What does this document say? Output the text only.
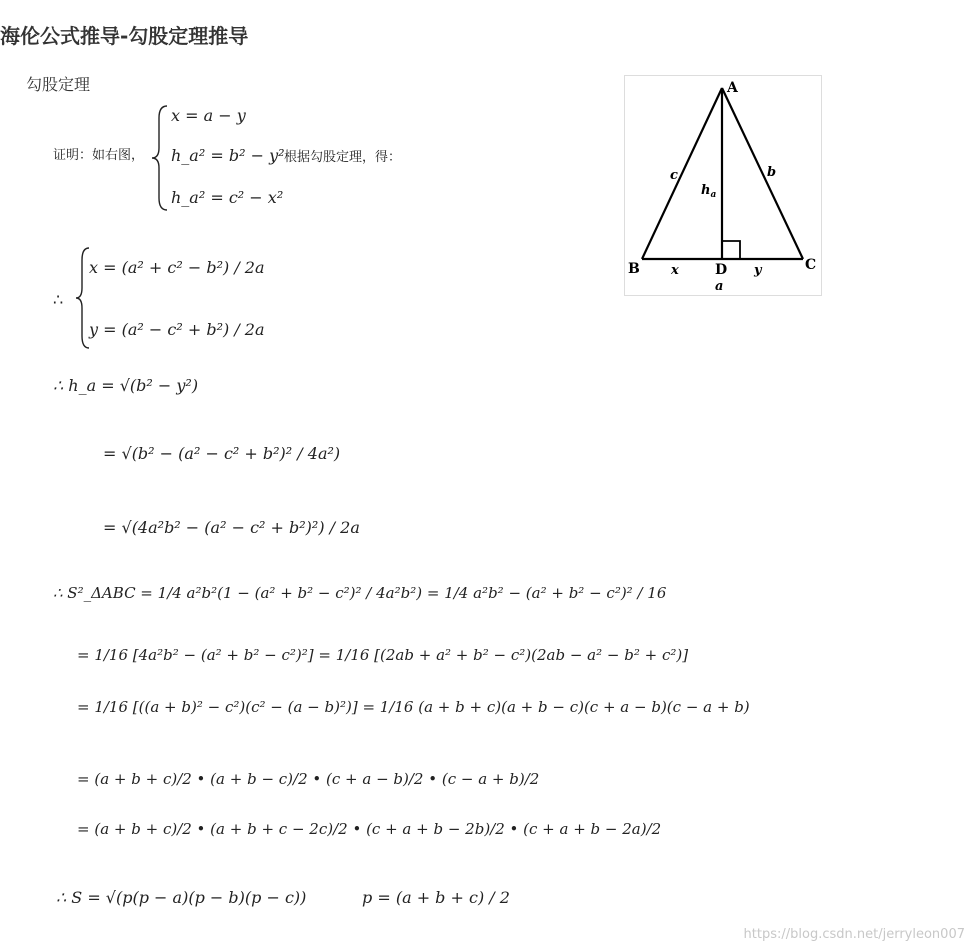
海伦公式推导-勾股定理推导
勾股定理
证明：如右图，
x = a − y
h_a² = b² − y²
h_a² = c² − x²
，根据勾股定理，得：
∴
x = (a² + c² − b²) / 2a
y = (a² − c² + b²) / 2a
∴ h_a = √(b² − y²)
= √(b² − (a² − c² + b²)² / 4a²)
= √(4a²b² − (a² − c² + b²)²) / 2a
∴ S²_ΔABC = 1/4 a²b²(1 − (a² + b² − c²)² / 4a²b²) = 1/4 a²b² − (a² + b² − c²)² / 16
= 1/16 [4a²b² − (a² + b² − c²)²] = 1/16 [(2ab + a² + b² − c²)(2ab − a² − b² + c²)]
= 1/16 [((a + b)² − c²)(c² − (a − b)²)] = 1/16 (a + b + c)(a + b − c)(c + a − b)(c − a + b)
= (a + b + c)/2 • (a + b − c)/2 • (c + a − b)/2 • (c − a + b)/2
= (a + b + c)/2 • (a + b + c − 2c)/2 • (c + a + b − 2b)/2 • (c + a + b − 2a)/2
∴ S = √(p(p − a)(p − b)(p − c))	p = (a + b + c) / 2
A
B	C
D
a
b
c
x	y
$h_a$
https://blog.csdn.net/jerryleon007
